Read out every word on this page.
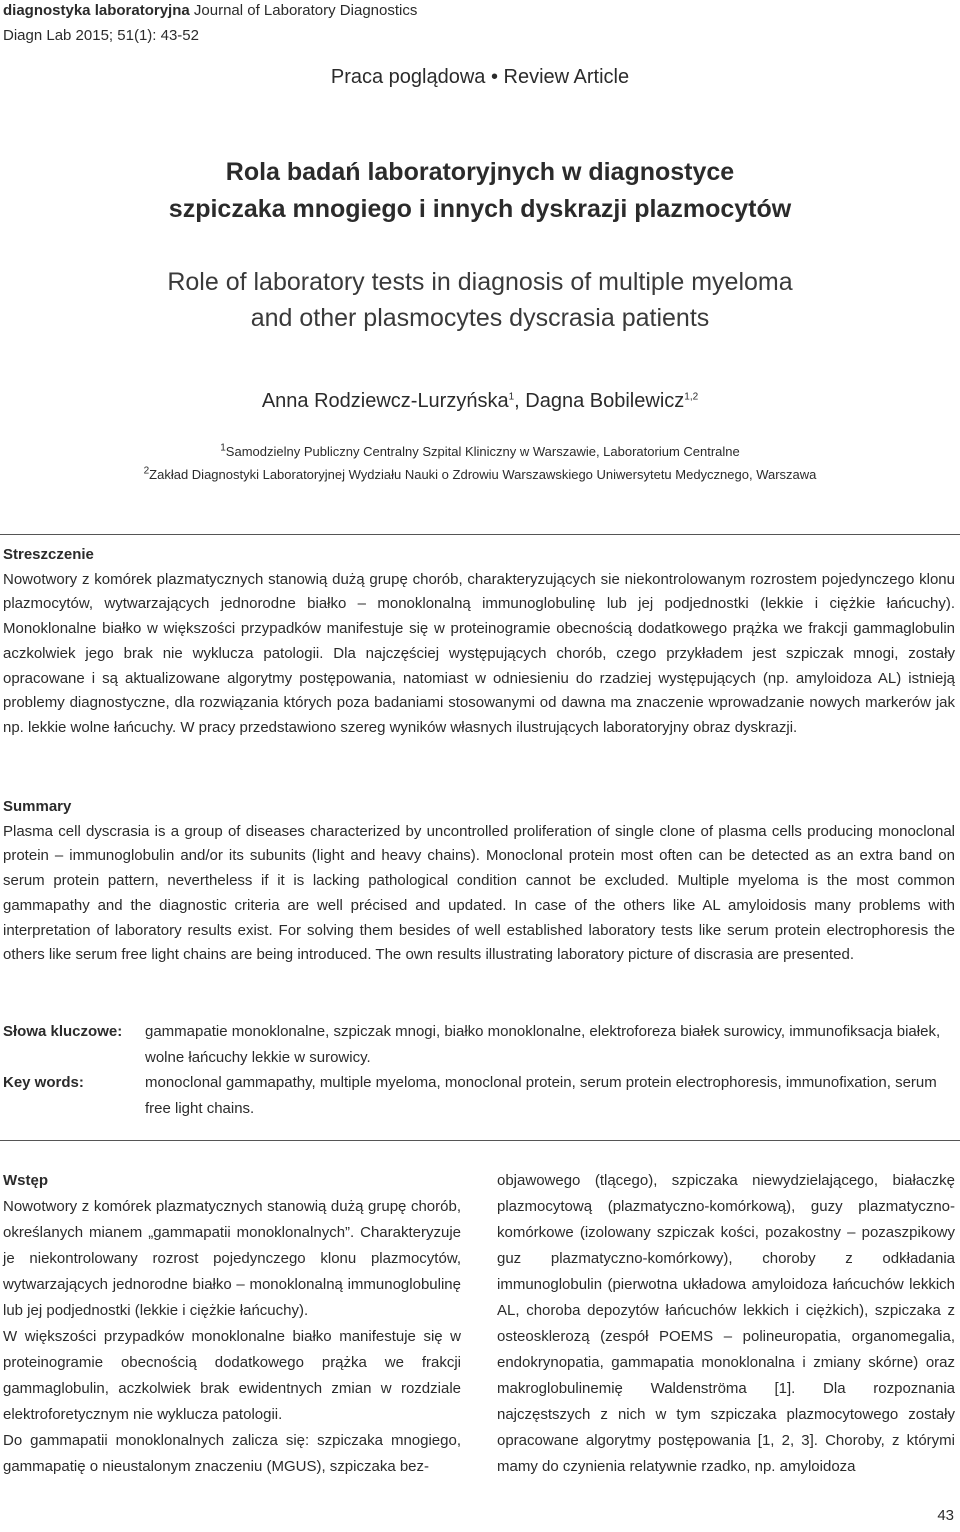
diagnostyka laboratoryjna Journal of Laboratory Diagnostics
Diagn Lab 2015; 51(1): 43-52
Praca poglądowa • Review Article
Rola badań laboratoryjnych w diagnostyce
szpiczaka mnogiego i innych dyskrazji plazmocytów
Role of laboratory tests in diagnosis of multiple myeloma
and other plasmocytes dyscrasia patients
Anna Rodziewcz-Lurzyńska$^1$, Dagna Bobilewicz$^{1,2}$
$^1$Samodzielny Publiczny Centralny Szpital Kliniczny w Warszawie, Laboratorium Centralne
$^2$Zakład Diagnostyki Laboratoryjnej Wydziału Nauki o Zdrowiu Warszawskiego Uniwersytetu Medycznego, Warszawa
Streszczenie

Nowotwory z komórek plazmatycznych stanowią dużą grupę chorób, charakteryzujących sie niekontrolowanym rozrostem pojedynczego klonu plazmocytów, wytwarzających jednorodne białko – monoklonalną immunoglobulinę lub jej podjednostki (lekkie i ciężkie łańcuchy). Monoklonalne białko w większości przypadków manifestuje się w proteinogramie obecnością dodatkowego prążka we frakcji gammaglobulin aczkolwiek jego brak nie wyklucza patologii. Dla najczęściej występujących chorób, czego przykładem jest szpiczak mnogi, zostały opracowane i są aktualizowane algorytmy postępowania, natomiast w odniesieniu do rzadziej występujących (np. amyloidoza AL) istnieją problemy diagnostyczne, dla rozwiązania których poza badaniami stosowanymi od dawna ma znaczenie wprowadzanie nowych markerów jak np. lekkie wolne łańcuchy. W pracy przedstawiono szereg wyników własnych ilustrujących laboratoryjny obraz dyskrazji.

Summary

Plasma cell dyscrasia is a group of diseases characterized by uncontrolled proliferation of single clone of plasma cells producing monoclonal protein – immunoglobulin and/or its subunits (light and heavy chains). Monoclonal protein most often can be detected as an extra band on serum protein pattern, nevertheless if it is lacking pathological condition cannot be excluded. Multiple myeloma is the most common gammapathy and the diagnostic criteria are well précised and updated. In case of the others like AL amyloidosis many problems with interpretation of laboratory results exist. For solving them besides of well established laboratory tests like serum protein electrophoresis the others like serum free light chains are being introduced. The own results illustrating laboratory picture of discrasia are presented.

Słowa kluczowe:	gammapatie monoklonalne, szpiczak mnogi, białko monoklonalne, elektroforeza białek surowicy, immunofiksacja białek, wolne łańcuchy lekkie w surowicy.
Key words:	monoclonal gammapathy, multiple myeloma, monoclonal protein, serum protein electrophoresis, immunofixation, serum free light chains.
Wstęp

Nowotwory z komórek plazmatycznych stanowią dużą grupę chorób, określanych mianem „gammapatii monoklonalnych”. Charakteryzuje je niekontrolowany rozrost pojedynczego klonu plazmocytów, wytwarzających jednorodne białko – monoklonalną immunoglobulinę lub jej podjednostki (lekkie i ciężkie łańcuchy).

W większości przypadków monoklonalne białko manifestuje się w proteinogramie obecnością dodatkowego prążka we frakcji gammaglobulin, aczkolwiek brak ewidentnych zmian w rozdziale elektroforetycznym nie wyklucza patologii.

Do gammapatii monoklonalnych zalicza się: szpiczaka mnogiego, gammapatię o nieustalonym znaczeniu (MGUS), szpiczaka bez-

objawowego (tlącego), szpiczaka niewydzielającego, białaczkę plazmocytową (plazmatyczno-komórkową), guzy plazmatyczno-komórkowe (izolowany szpiczak kości, pozakostny – pozaszpikowy guz plazmatyczno-komórkowy), choroby z odkładania immunoglobulin (pierwotna układowa amyloidoza łańcuchów lekkich AL, choroba depozytów łańcuchów lekkich i ciężkich), szpiczaka z osteosklerozą (zespół POEMS – polineuropatia, organomegalia, endokrynopatia, gammapatia monoklonalna i zmiany skórne) oraz makroglobulinemię Waldenströma [1]. Dla rozpoznania najczęstszych z nich w tym szpiczaka plazmocytowego zostały opracowane algorytmy postępowania [1, 2, 3]. Choroby, z którymi mamy do czynienia relatywnie rzadko, np. amyloidoza

43
